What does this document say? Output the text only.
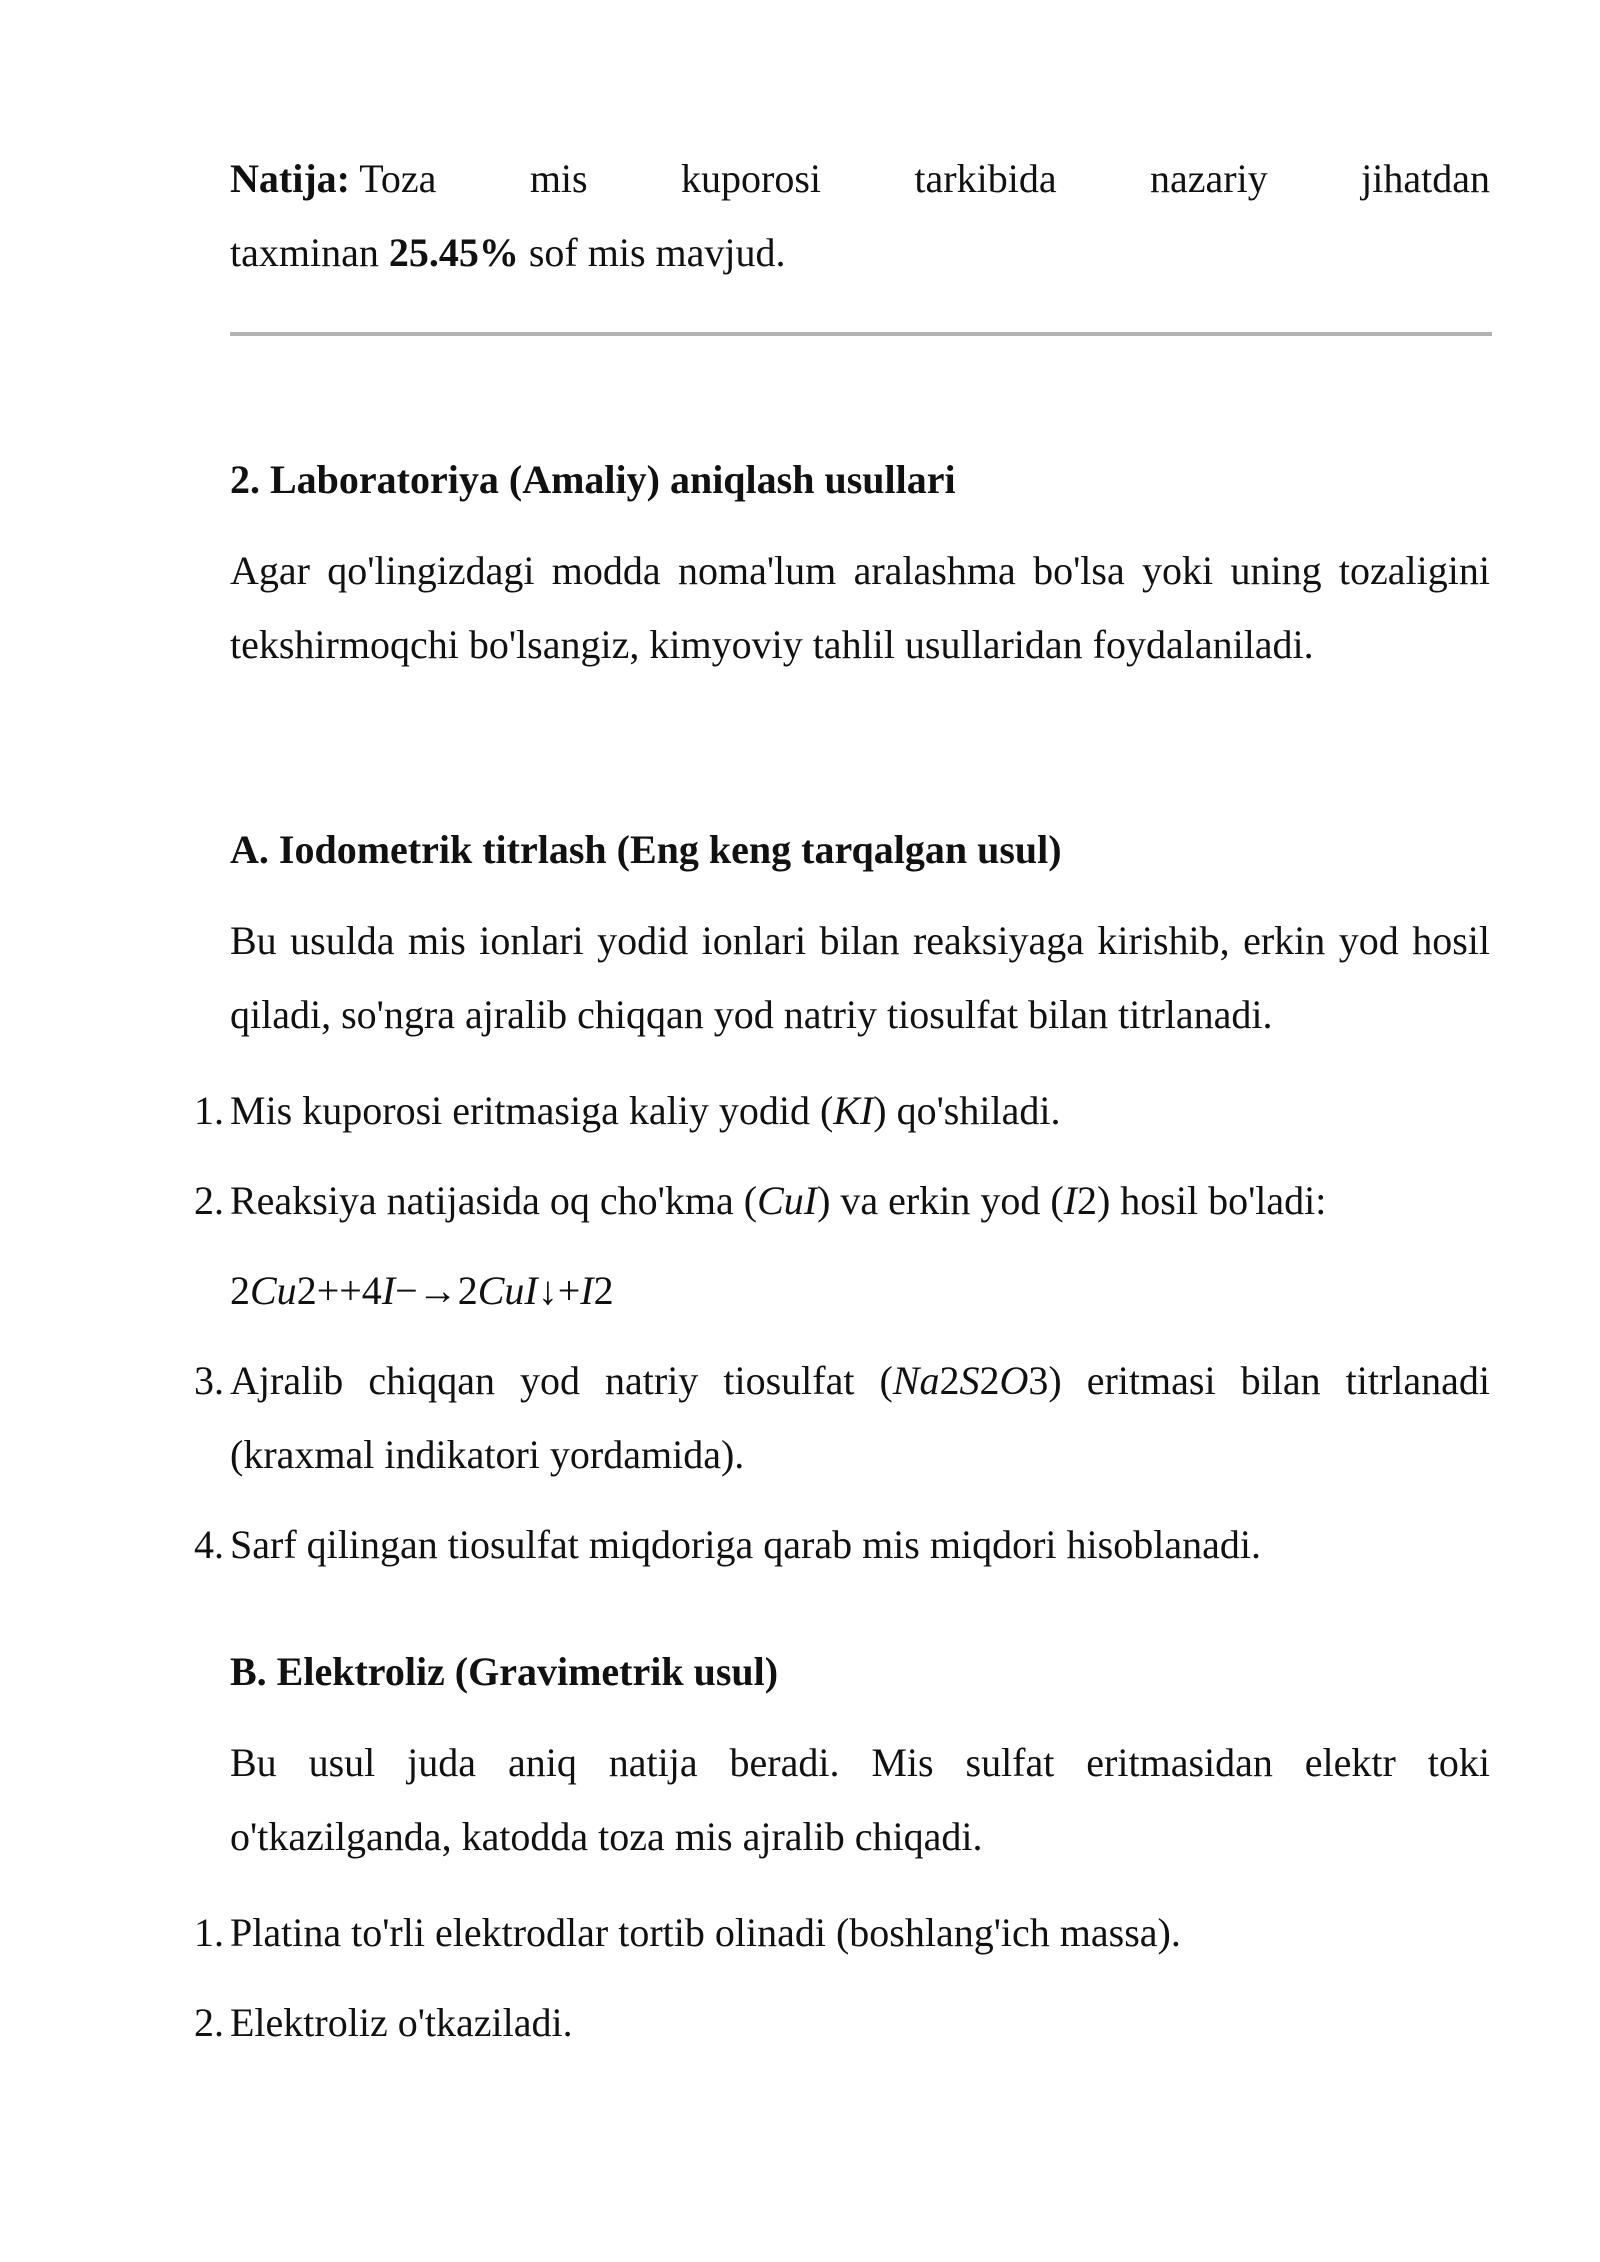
Natija: Toza mis kuporosi tarkibida nazariy jihatdan
taxminan 25.45% sof mis mavjud.
2. Laboratoriya (Amaliy) aniqlash usullari

Agar qo'lingizdagi modda noma'lum aralashma bo'lsa yoki uning tozaligini tekshirmoqchi bo'lsangiz, kimyoviy tahlil usullaridan foydalaniladi.

A. Iodometrik titrlash (Eng keng tarqalgan usul)

Bu usulda mis ionlari yodid ionlari bilan reaksiyaga kirishib, erkin yod hosil qiladi, so'ngra ajralib chiqqan yod natriy tiosulfat bilan titrlanadi.

1. Mis kuporosi eritmasiga kaliy yodid (KI) qo'shiladi.

2. Reaksiya natijasida oq cho'kma (CuI) va erkin yod (I2) hosil bo'ladi:

2Cu2++4I−→2CuI↓+I2
3. Ajralib chiqqan yod natriy tiosulfat (Na2S2O3) eritmasi bilan titrlanadi (kraxmal indikatori yordamida).

4. Sarf qilingan tiosulfat miqdoriga qarab mis miqdori hisoblanadi.

B. Elektroliz (Gravimetrik usul)

Bu usul juda aniq natija beradi. Mis sulfat eritmasidan elektr toki o'tkazilganda, katodda toza mis ajralib chiqadi.

1. Platina to'rli elektrodlar tortib olinadi (boshlang'ich massa).

2. Elektroliz o'tkaziladi.
